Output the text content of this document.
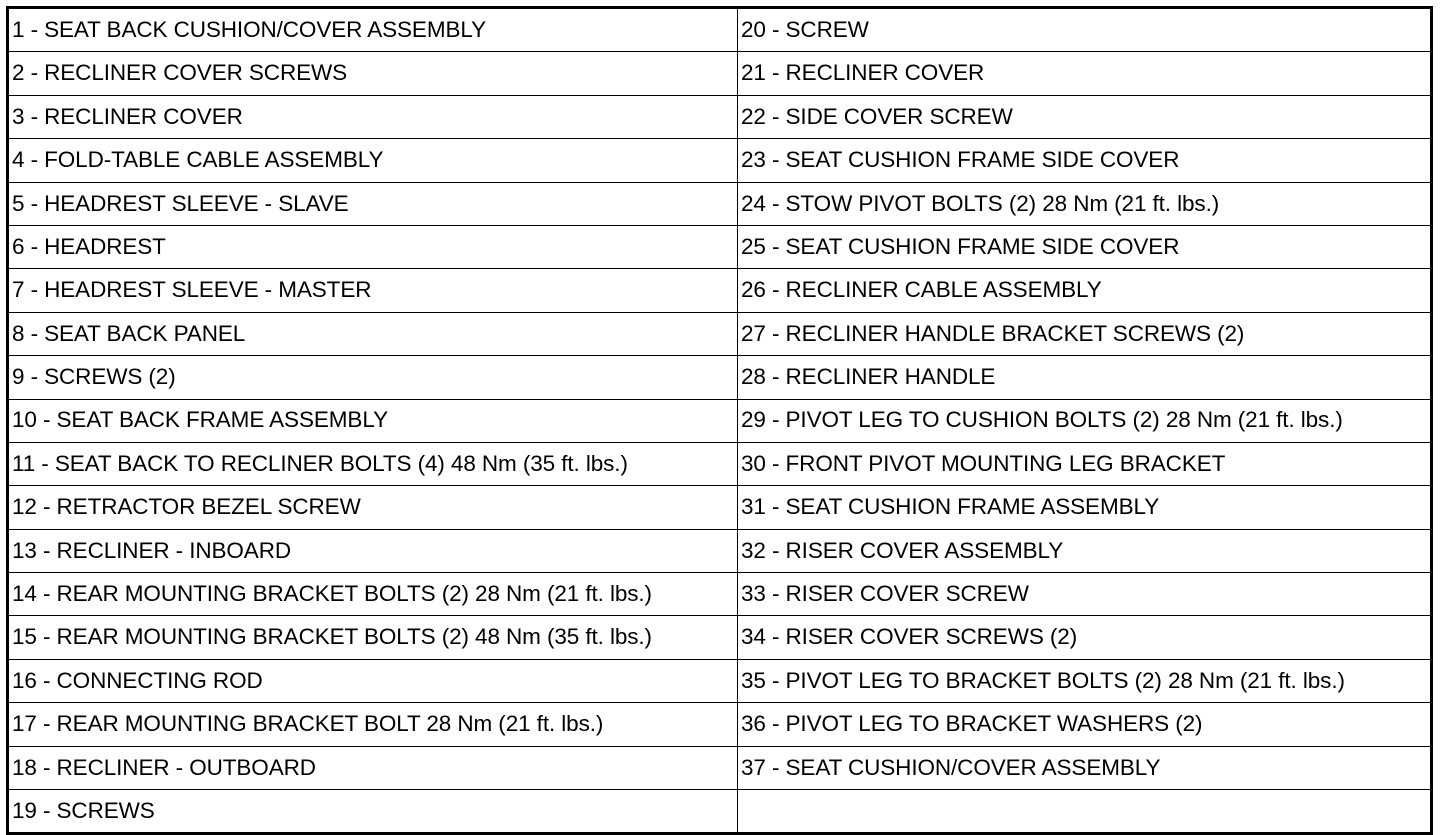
1 - SEAT BACK CUSHION/COVER ASSEMBLY	20 - SCREW
2 - RECLINER COVER SCREWS	21 - RECLINER COVER
3 - RECLINER COVER	22 - SIDE COVER SCREW
4 - FOLD-TABLE CABLE ASSEMBLY	23 - SEAT CUSHION FRAME SIDE COVER
5 - HEADREST SLEEVE - SLAVE	24 - STOW PIVOT BOLTS (2) 28 Nm (21 ft. lbs.)
6 - HEADREST	25 - SEAT CUSHION FRAME SIDE COVER
7 - HEADREST SLEEVE - MASTER	26 - RECLINER CABLE ASSEMBLY
8 - SEAT BACK PANEL	27 - RECLINER HANDLE BRACKET SCREWS (2)
9 - SCREWS (2)	28 - RECLINER HANDLE
10 - SEAT BACK FRAME ASSEMBLY	29 - PIVOT LEG TO CUSHION BOLTS (2) 28 Nm (21 ft. lbs.)
11 - SEAT BACK TO RECLINER BOLTS (4) 48 Nm (35 ft. lbs.)	30 - FRONT PIVOT MOUNTING LEG BRACKET
12 - RETRACTOR BEZEL SCREW	31 - SEAT CUSHION FRAME ASSEMBLY
13 - RECLINER - INBOARD	32 - RISER COVER ASSEMBLY
14 - REAR MOUNTING BRACKET BOLTS (2) 28 Nm (21 ft. lbs.)	33 - RISER COVER SCREW
15 - REAR MOUNTING BRACKET BOLTS (2) 48 Nm (35 ft. lbs.)	34 - RISER COVER SCREWS (2)
16 - CONNECTING ROD	35 - PIVOT LEG TO BRACKET BOLTS (2) 28 Nm (21 ft. lbs.)
17 - REAR MOUNTING BRACKET BOLT 28 Nm (21 ft. lbs.)	36 - PIVOT LEG TO BRACKET WASHERS (2)
18 - RECLINER - OUTBOARD	37 - SEAT CUSHION/COVER ASSEMBLY
19 - SCREWS	
